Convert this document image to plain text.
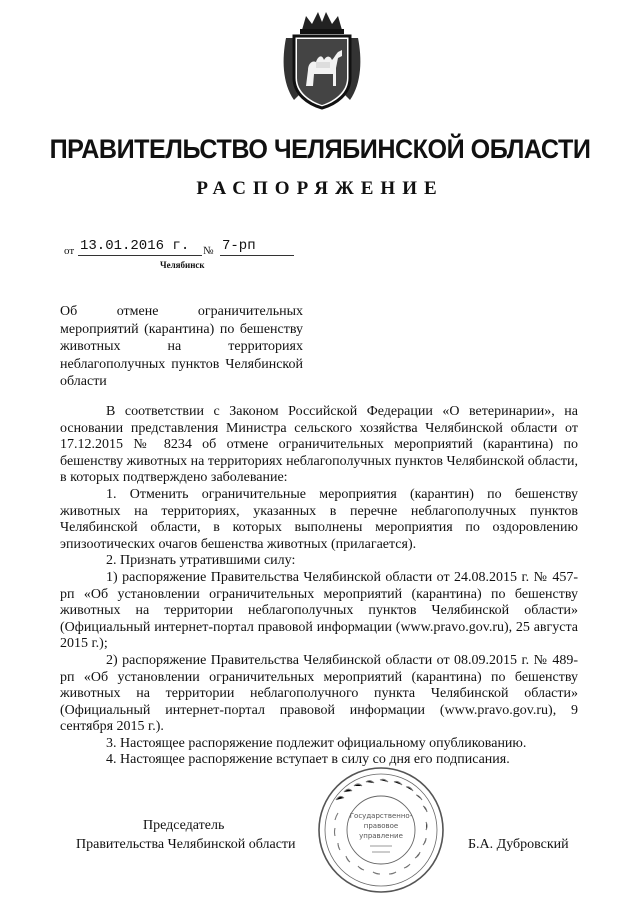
ПРАВИТЕЛЬСТВО ЧЕЛЯБИНСКОЙ ОБЛАСТИ
РАСПОРЯЖЕНИЕ
от 13.01.2016 г.	№ 7-рп
Челябинск
Об отмене ограничительных мероприятий (карантина) по бешенству животных на территориях неблагополучных пунктов Челябинской области

В соответствии с Законом Российской Федерации «О ветеринарии», на основании представления Министра сельского хозяйства Челябинской области от 17.12.2015 № 8234 об отмене ограничительных мероприятий (карантина) по бешенству животных на территориях неблагополучных пунктов Челябинской области, в которых подтверждено заболевание:

1. Отменить ограничительные мероприятия (карантин) по бешенству животных на территориях, указанных в перечне неблагополучных пунктов Челябинской области, в которых выполнены мероприятия по оздоровлению эпизоотических очагов бешенства животных (прилагается).

2. Признать утратившими силу:

1) распоряжение Правительства Челябинской области от 24.08.2015 г. № 457-рп «Об установлении ограничительных мероприятий (карантина) по бешенству животных на территории неблагополучных пунктов Челябинской области» (Официальный интернет-портал правовой информации (www.pravo.gov.ru), 25 августа 2015 г.);

2) распоряжение Правительства Челябинской области от 08.09.2015 г. № 489-рп «Об установлении ограничительных мероприятий (карантина) по бешенству животных на территории неблагополучного пункта Челябинской области» (Официальный интернет-портал правовой информации (www.pravo.gov.ru), 9 сентября 2015 г.).

3. Настоящее распоряжение подлежит официальному опубликованию.

4. Настоящее распоряжение вступает в силу со дня его подписания.

Председатель
Правительства Челябинской области	Б.А. Дубровский
Государственно-
правовое
управление
